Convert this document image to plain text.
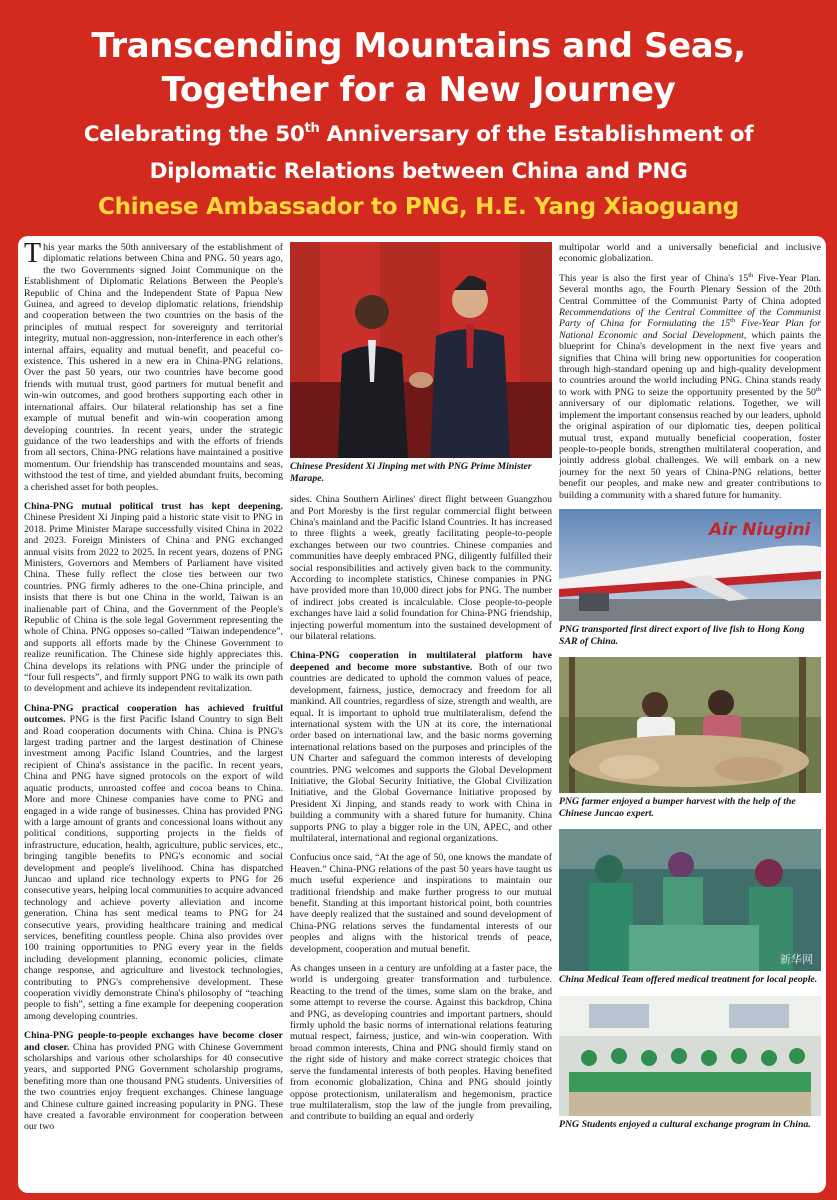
Transcending Mountains and Seas,
Together for a New Journey
Celebrating the 50th Anniversary of the Establishment of
Diplomatic Relations between China and PNG
Chinese Ambassador to PNG, H.E. Yang Xiaoguang

This year marks the 50th anniversary of the establishment of diplomatic relations between China and PNG. 50 years ago, the two Governments signed Joint Communique on the Establishment of Diplomatic Relations Between the People's Republic of China and the Independent State of Papua New Guinea, and agreed to develop diplomatic relations, friendship and cooperation between the two countries on the basis of the principles of mutual respect for sovereignty and territorial integrity, mutual non-aggression, non-interference in each other's internal affairs, equality and mutual benefit, and peaceful co-existence. This ushered in a new era in China-PNG relations. Over the past 50 years, our two countries have become good friends with mutual trust, good partners for mutual benefit and win-win outcomes, and good brothers supporting each other in international affairs. Our bilateral relationship has set a fine example of mutual benefit and win-win cooperation among developing countries. In recent years, under the strategic guidance of the two leaderships and with the efforts of friends from all sectors, China-PNG relations have maintained a positive momentum. Our friendship has transcended mountains and seas, withstood the test of time, and yielded abundant fruits, becoming a cherished asset for both peoples.

China-PNG mutual political trust has kept deepening. Chinese President Xi Jinping paid a historic state visit to PNG in 2018. Prime Minister Marape successfully visited China in 2022 and 2023. Foreign Ministers of China and PNG exchanged annual visits from 2022 to 2025. In recent years, dozens of PNG Ministers, Governors and Members of Parliament have visited China. These fully reflect the close ties between our two countries. PNG firmly adheres to the one-China principle, and insists that there is but one China in the world, Taiwan is an inalienable part of China, and the Government of the People's Republic of China is the sole legal Government representing the whole of China. PNG opposes so-called “Taiwan independence”, and supports all efforts made by the Chinese Government to realize reunification. The Chinese side highly appreciates this. China develops its relations with PNG under the principle of “four full respects”, and firmly support PNG to walk its own path to development and achieve its independent revitalization.

China-PNG practical cooperation has achieved fruitful outcomes. PNG is the first Pacific Island Country to sign Belt and Road cooperation documents with China. China is PNG's largest trading partner and the largest destination of Chinese investment among Pacific Island Countries, and the largest recipient of China's assistance in the pacific. In recent years, China and PNG have signed protocols on the export of wild aquatic products, unroasted coffee and cocoa beans to China. More and more Chinese companies have come to PNG and engaged in a wide range of businesses. China has provided PNG with a large amount of grants and concessional loans without any political conditions, supporting projects in the fields of infrastructure, education, health, agriculture, public services, etc., bringing tangible benefits to PNG's economic and social development and people's livelihood. China has dispatched Juncao and upland rice technology experts to PNG for 26 consecutive years, helping local communities to acquire advanced technology and achieve poverty alleviation and income generation. China has sent medical teams to PNG for 24 consecutive years, providing healthcare training and medical services, benefiting countless people. China also provides over 100 training opportunities to PNG every year in the fields including development planning, economic policies, climate change response, and agriculture and livestock technologies, contributing to PNG's comprehensive development. These cooperation vividly demonstrate China's philosophy of “teaching people to fish”, setting a fine example for deepening cooperation among developing countries.

China-PNG people-to-people exchanges have become closer and closer. China has provided PNG with Chinese Government scholarships and various other scholarships for 40 consecutive years, and supported PNG Government scholarship programs, benefiting more than one thousand PNG students. Universities of the two countries enjoy frequent exchanges. Chinese language and Chinese culture gained increasing popularity in PNG. These have created a favorable environment for cooperation between our two

Chinese President Xi Jinping met with PNG Prime Minister Marape.

sides. China Southern Airlines' direct flight between Guangzhou and Port Moresby is the first regular commercial flight between China's mainland and the Pacific Island Countries. It has increased to three flights a week, greatly facilitating people-to-people exchanges between our two countries. Chinese companies and communities have deeply embraced PNG, diligently fulfilled their social responsibilities and actively given back to the community. According to incomplete statistics, Chinese companies in PNG have provided more than 10,000 direct jobs for PNG. The number of indirect jobs created is incalculable. Close people-to-people exchanges have laid a solid foundation for China-PNG friendship, injecting powerful momentum into the sustained development of our bilateral relations.

China-PNG cooperation in multilateral platform have deepened and become more substantive. Both of our two countries are dedicated to uphold the common values of peace, development, fairness, justice, democracy and freedom for all mankind. All countries, regardless of size, strength and wealth, are equal. It is important to uphold true multilateralism, defend the international system with the UN at its core, the international order based on international law, and the basic norms governing international relations based on the purposes and principles of the UN Charter and safeguard the common interests of developing countries. PNG welcomes and supports the Global Development Initiative, the Global Security Initiative, the Global Civilization Initiative, and the Global Governance Initiative proposed by President Xi Jinping, and stands ready to work with China in building a community with a shared future for humanity. China supports PNG to play a bigger role in the UN, APEC, and other multilateral, international and regional organizations.

Confucius once said, “At the age of 50, one knows the mandate of Heaven.” China-PNG relations of the past 50 years have taught us much useful experience and inspirations to maintain our traditional friendship and make further progress to our mutual benefit. Standing at this important historical point, both countries have deeply realized that the sustained and sound development of China-PNG relations serves the fundamental interests of our peoples and aligns with the historical trends of peace, development, cooperation and mutual benefit.

As changes unseen in a century are unfolding at a faster pace, the world is undergoing greater transformation and turbulence. Reacting to the trend of the times, some slam on the brake, and some attempt to reverse the course. Against this backdrop, China and PNG, as developing countries and important partners, should firmly uphold the basic norms of international relations featuring mutual respect, fairness, justice, and win-win cooperation. With broad common interests, China and PNG should firmly stand on the right side of history and make correct strategic choices that serve the fundamental interests of both peoples. Having benefited from economic globalization, China and PNG should jointly oppose protectionism, unilateralism and hegemonism, practice true multilateralism, stop the law of the jungle from prevailing, and contribute to building an equal and orderly

multipolar world and a universally beneficial and inclusive economic globalization.

This year is also the first year of China's 15th Five-Year Plan. Several months ago, the Fourth Plenary Session of the 20th Central Committee of the Communist Party of China adopted Recommendations of the Central Committee of the Communist Party of China for Formulating the 15th Five-Year Plan for National Economic and Social Development, which paints the blueprint for China's development in the next five years and signifies that China will bring new opportunities for cooperation through high-standard opening up and high-quality development to countries around the world including PNG. China stands ready to work with PNG to seize the opportunity presented by the 50th anniversary of our diplomatic relations. Together, we will implement the important consensus reached by our leaders, uphold the original aspiration of our diplomatic ties, deepen political mutual trust, expand mutually beneficial cooperation, foster people-to-people bonds, strengthen multilateral cooperation, and jointly address global challenges. We will embark on a new journey for the next 50 years of China-PNG relations, better benefit our peoples, and make new and greater contributions to building a community with a shared future for humanity.

Air Niugini
PNG transported first direct export of live fish to Hong Kong SAR of China.
PNG farmer enjoyed a bumper harvest with the help of the Chinese Juncao expert.
新华网
China Medical Team offered medical treatment for local people.
PNG Students enjoyed a cultural exchange program in China.
